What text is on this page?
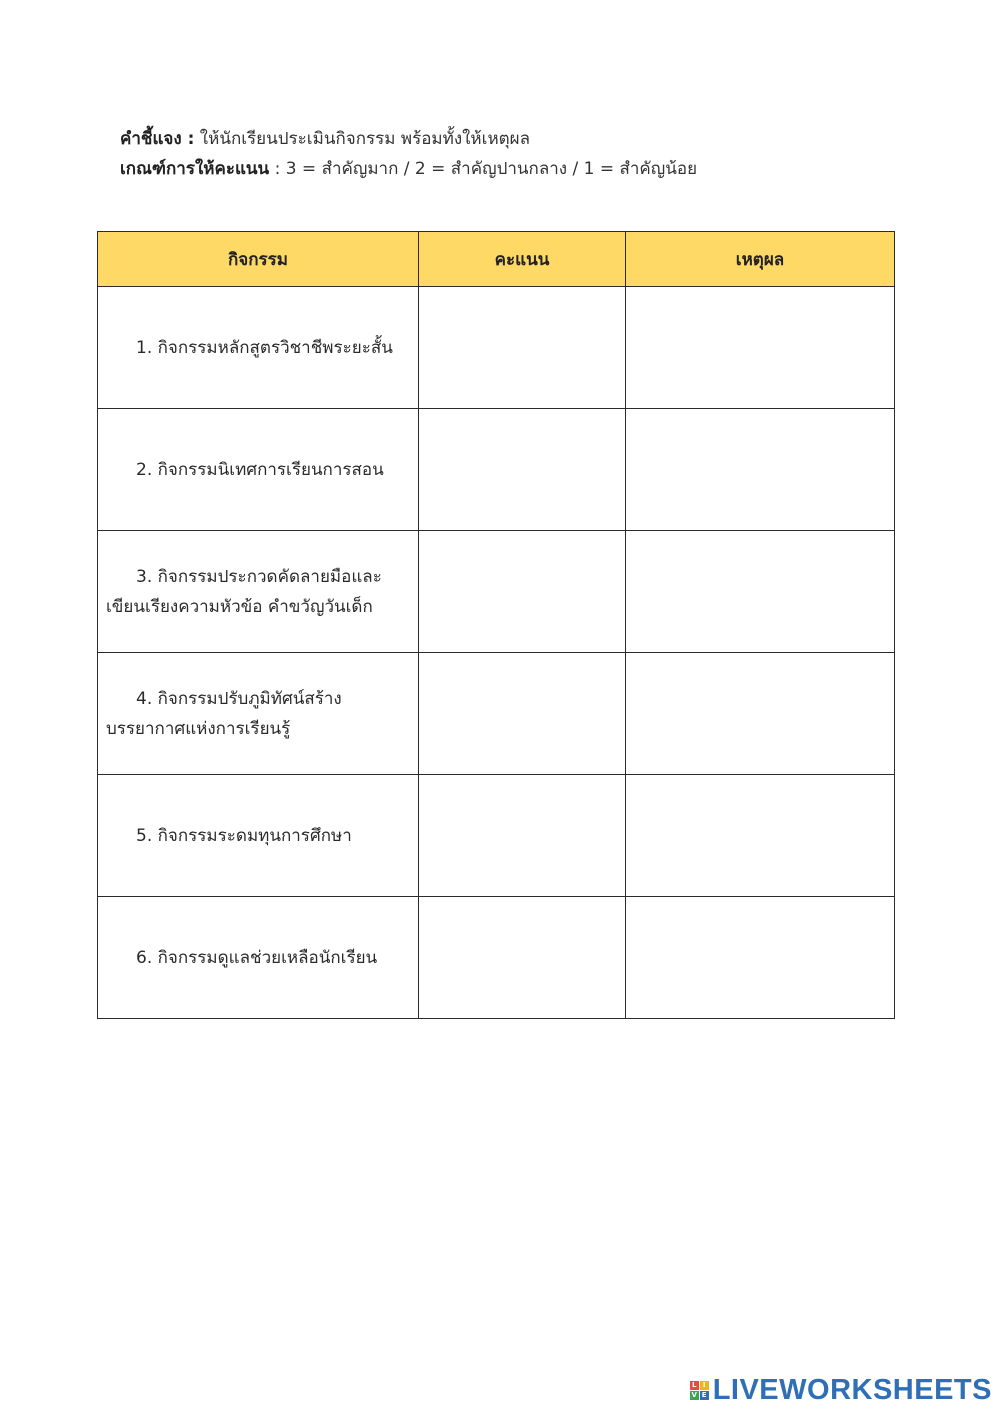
คำชี้แจง : ให้นักเรียนประเมินกิจกรรม พร้อมทั้งให้เหตุผล
เกณฑ์การให้คะแนน : 3 = สำคัญมาก / 2 = สำคัญปานกลาง / 1 = สำคัญน้อย
กิจกรรม	คะแนน	เหตุผล

1. กิจกรรมหลักสูตรวิชาชีพระยะสั้น		

2. กิจกรรมนิเทศการเรียนการสอน		

3. กิจกรรมประกวดคัดลายมือและเขียนเรียงความหัวข้อ คำขวัญวันเด็ก		

4. กิจกรรมปรับภูมิทัศน์สร้างบรรยากาศแห่งการเรียนรู้		

5. กิจกรรมระดมทุนการศึกษา		

6. กิจกรรมดูแลช่วยเหลือนักเรียน		

L I
V E LIVEWORKSHEETS
